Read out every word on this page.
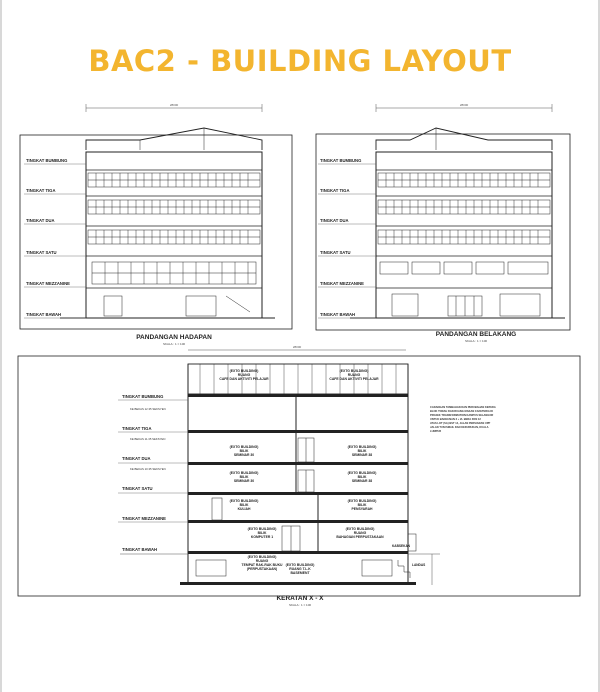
BAC2 - BUILDING LAYOUT
28000
PANDANGAN HADAPAN
SKALA : 1 = 100
TINGKAT BUMBUNG
TINGKAT TIGA
TINGKAT DUA
TINGKAT SATU
TINGKAT MEZZANINE
TINGKAT BAWAH
28000
PANDANGAN BELAKANG
SKALA : 1 = 100
TINGKAT BUMBUNG
TINGKAT TIGA
TINGKAT DUA
TINGKAT SATU
TINGKAT MEZZANINE
TINGKAT BAWAH
28000
(EXTG BUILDING)
RUANG
CAFE DAN AKTIVITI PELAJAR
(EXTG BUILDING)
RUANG
CAFE DAN AKTIVITI PELAJAR
(EXTG BUILDING)
BILIK
SEMINAR 30
(EXTG BUILDING)
BILIK
SEMINAR 38
(EXTG BUILDING)
BILIK
SEMINAR 38
(EXTG BUILDING)
BILIK
SEMINAR 30
(EXTG BUILDING)
BILIK
KULIAH
(EXTG BUILDING)
BILIK
PENSYARAH
(EXTG BUILDING)
BILIK
KOMPUTER 1
(EXTG BUILDING)
RUANG
TEMPAT RAK-RAK BUKU
(PERPUSTAKAAN)
(EXTG BUILDING)
RUANG
BAHAGIAN PERPUSTAKAAN
(EXTG BUILDING)
RUANG T.L.K
BASEMENT
KABSEKAN
LANDAS
KE BEKAS 12.35 SEKSYEN
KE BEKAS 11.35 SEKSYEN
KE BEKAS 10.35 SEKSYEN
TINGKAT BUMBUNG
TINGKAT TIGA
TINGKAT DUA
TINGKAT SATU
TINGKAT MEZZANINE
TINGKAT BAWAH
CADANGAN TAMBAHAN DAN PERUBAHAN KEPADA
BLOK TORAH DAN RUANG MAKAN CAFETERIA DI
PROJEK TRANSFORMATION KAMPUS SELANGOR
UNTUK BANGUNAN 2 + 2L BERA ZON 12
ATAS LOT (SA) BST 14, JALAN PERSIARAN UPP
JALAN TUN ISMAIL DAN KEDUDUKAN, KUALA
LUMPUR
KERATAN X - X
SKALA : 1 = 100
